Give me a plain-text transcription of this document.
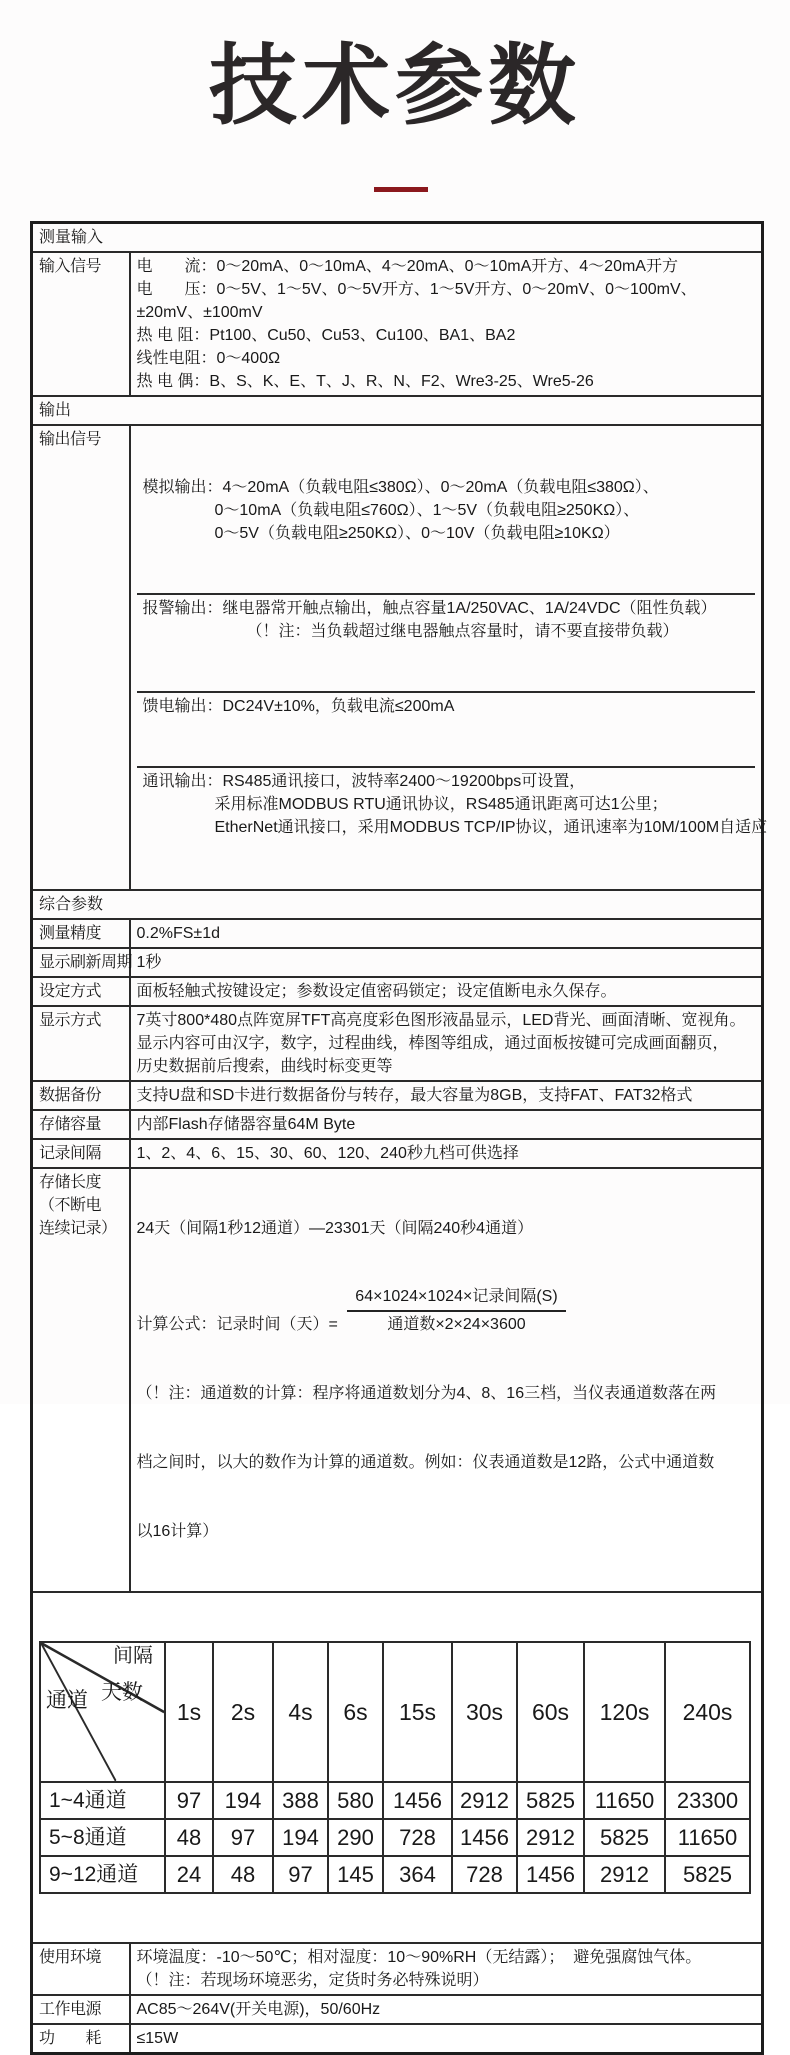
技术参数
测量输入
输入信号	电　　流：0～20mA、0～10mA、4～20mA、0～10mA开方、4～20mA开方
电　　压：0～5V、1～5V、0～5V开方、1～5V开方、0～20mV、0～100mV、
±20mV、±100mV
热 电 阻：Pt100、Cu50、Cu53、Cu100、BA1、BA2
线性电阻：0～400Ω
热 电 偶：B、S、K、E、T、J、R、N、F2、Wre3-25、Wre5-26

输出
输出信号	

模拟输出：4～20mA（负载电阻≤380Ω）、0～20mA（负载电阻≤380Ω）、
0～10mA（负载电阻≤760Ω）、1～5V（负载电阻≥250KΩ）、
0～5V（负载电阻≥250KΩ）、0～10V（负载电阻≥10KΩ）

报警输出：继电器常开触点输出，触点容量1A/250VAC、1A/24VDC（阻性负载）
（！注：当负载超过继电器触点容量时，请不要直接带负载）

馈电输出：DC24V±10%，负载电流≤200mA

通讯输出：RS485通讯接口，波特率2400～19200bps可设置，
采用标准MODBUS RTU通讯协议，RS485通讯距离可达1公里；
EtherNet通讯接口，采用MODBUS TCP/IP协议，通讯速率为10M/100M自适应

综合参数
测量精度	0.2%FS±1d
显示刷新周期	1秒
设定方式	面板轻触式按键设定；参数设定值密码锁定；设定值断电永久保存。
显示方式	7英寸800*480点阵宽屏TFT高亮度彩色图形液晶显示，LED背光、画面清晰、宽视角。
显示内容可由汉字，数字，过程曲线，棒图等组成，通过面板按键可完成画面翻页，
历史数据前后搜索，曲线时标变更等

数据备份	支持U盘和SD卡进行数据备份与转存，最大容量为8GB，支持FAT、FAT32格式
存储容量	内部Flash存储器容量64M Byte
记录间隔	1、2、4、6、15、30、60、120、240秒九档可供选择

存储长度
（不断电
连续记录）	24天（间隔1秒12通道）—23301天（间隔240秒4通道）

计算公式：记录时间（天）= $\frac{\text{64×1024×1024×记录间隔(S)}}{\text{通道数×2×24×3600}}$

（！注：通道数的计算：程序将通道数划分为4、8、16三档，当仪表通道数落在两

档之间时，以大的数作为计算的通道数。例如：仪表通道数是12路，公式中通道数

以16计算）

间隔

天数

通道	1s	2s	4s	6s	15s	30s	60s	120s	240s
1~4通道	97	194	388	580	1456	2912	5825	11650	23300
5~8通道	48	97	194	290	728	1456	2912	5825	11650
9~12通道	24	48	97	145	364	728	1456	2912	5825

使用环境	环境温度：-10～50℃；相对湿度：10～90%RH（无结露）；  避免强腐蚀气体。
（！注：若现场环境恶劣，定货时务必特殊说明）

工作电源	AC85～264V(开关电源)，50/60Hz
功　　耗	≤15W
